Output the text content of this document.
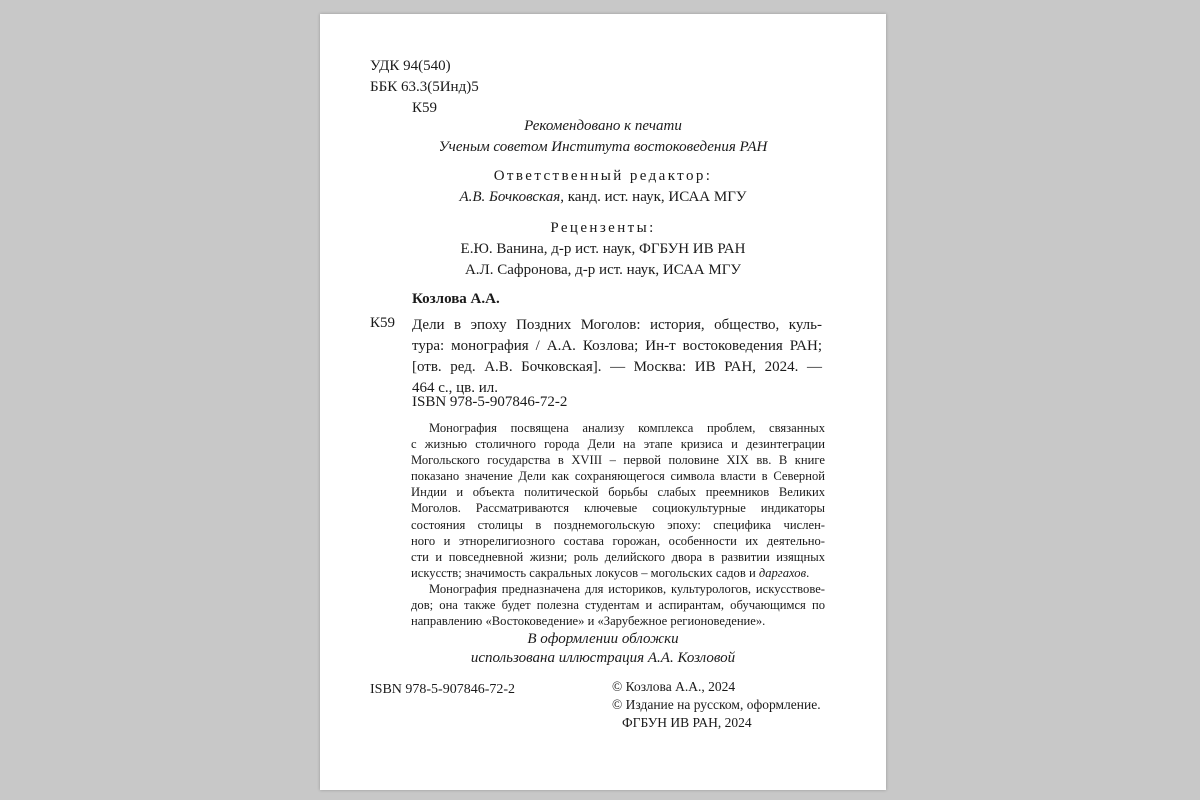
УДК 94(540)
ББК 63.3(5Инд)5
К59
Рекомендовано к печати
Ученым советом Института востоковедения РАН
Ответственный редактор:
А.В. Бочковская, канд. ист. наук, ИСАА МГУ
Рецензенты:
Е.Ю. Ванина, д-р ист. наук, ФГБУН ИВ РАН
А.Л. Сафронова, д-р ист. наук, ИСАА МГУ
Козлова А.А.
К59 Дели в эпоху Поздних Моголов: история, общество, куль-
тура: монография / А.А. Козлова; Ин-т востоковедения РАН;
[отв. ред. А.В. Бочковская]. — Москва: ИВ РАН, 2024. —
464 с., цв. ил.
ISBN 978-5-907846-72-2
Монография посвящена анализу комплекса проблем, связанных
с жизнью столичного города Дели на этапе кризиса и дезинтеграции
Могольского государства в XVIII – первой половине XIX вв. В книге
показано значение Дели как сохраняющегося символа власти в Северной
Индии и объекта политической борьбы слабых преемников Великих
Моголов. Рассматриваются ключевые социокультурные индикаторы
состояния столицы в позднемогольскую эпоху: специфика числен-
ного и этнорелигиозного состава горожан, особенности их деятельно-
сти и повседневной жизни; роль делийского двора в развитии изящных
искусств; значимость сакральных локусов – могольских садов и даргахов.
Монография предназначена для историков, культурологов, искусствове-
дов; она также будет полезна студентам и аспирантам, обучающимся по
направлению «Востоковедение» и «Зарубежное регионоведение».
В оформлении обложки
использована иллюстрация А.А. Козловой
ISBN 978-5-907846-72-2	© Козлова А.А., 2024
© Издание на русском, оформление.
ФГБУН ИВ РАН, 2024
